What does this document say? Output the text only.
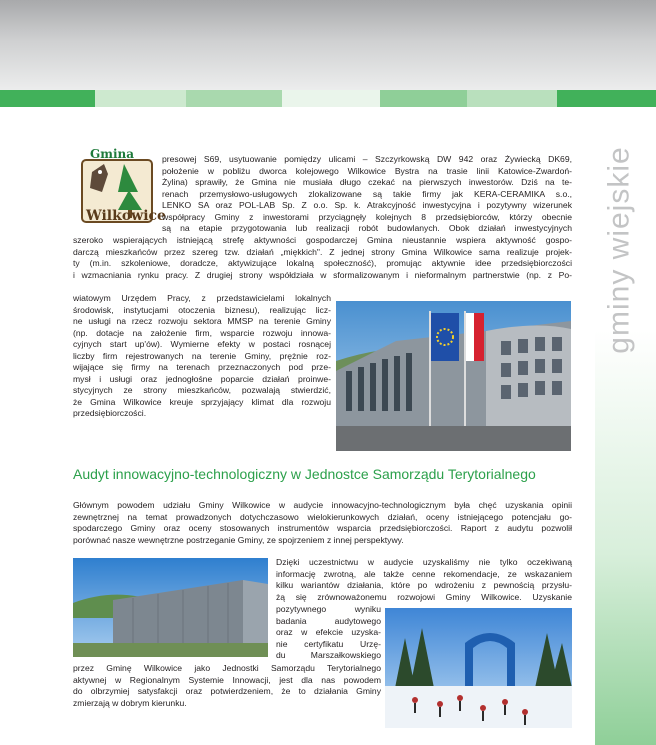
gminy wiejskie
Gmina
Wilkowice
presowej S69, usytuowanie pomiędzy ulicami – Szczyrkowską DW 942 oraz Żywiecką DK69,
położenie w pobliżu dworca kolejowego Wilkowice Bystra na trasie linii Katowice-Zwardoń-
Żylina) sprawiły, że Gmina nie musiała długo czekać na pierwszych inwestorów. Dziś na te-
renach przemysłowo-usługowych zlokalizowane są takie firmy jak KERA-CERAMIKA s.o.,
LENKO SA oraz POL-LAB Sp. Z o.o. Sp. k. Atrakcyjność inwestycyjna i pozytywny wizerunek
współpracy Gminy z inwestorami przyciągnęły kolejnych 8 przedsiębiorców, którzy obecnie
są na etapie przygotowania lub realizacji robót budowlanych. Obok działań inwestycyjnych
szeroko wspierających istniejącą strefę aktywności gospodarczej Gmina nieustannie wspiera aktywność gospo-
darczą mieszkańców przez szereg tzw. działań „miękkich". Z jednej strony Gmina Wilkowice sama realizuje projek-
ty (m.in. szkoleniowe, doradcze, aktywizujące lokalną społeczność), promując aktywnie idee przedsiębiorczości
i wzmacniania rynku pracy. Z drugiej strony współdziała w sformalizowanym i nieformalnym partnerstwie (np. z Po-
wiatowym Urzędem Pracy, z przedstawicielami lokalnych
środowisk, instytucjami otoczenia biznesu), realizując licz-
ne usługi na rzecz rozwoju sektora MMSP na terenie Gminy
(np. dotacje na założenie firm, wsparcie rozwoju innowa-
cyjnych start up'ów). Wymierne efekty w postaci rosnącej
liczby firm rejestrowanych na terenie Gminy, prężnie roz-
wijające się firmy na terenach przeznaczonych pod prze-
mysł i usługi oraz jednogłośne poparcie działań proinwe-
stycyjnych ze strony mieszkańców, pozwalają stwierdzić,
że Gmina Wilkowice kreuje sprzyjający klimat dla rozwoju
przedsiębiorczości.
Audyt innowacyjno-technologiczny w Jednostce Samorządu Terytorialnego
Głównym powodem udziału Gminy Wilkowice w audycie innowacyjno-technologicznym była chęć uzyskania opinii
zewnętrznej na temat prowadzonych dotychczasowo wielokierunkowych działań, oceny istniejącego potencjału go-
spodarczego Gminy oraz oceny stosowanych instrumentów wsparcia przedsiębiorczości. Raport z audytu pozwolił
porównać nasze wewnętrzne postrzeganie Gminy, ze spojrzeniem z innej perspektywy.
Dzięki uczestnictwu w audycie uzyskaliśmy nie tylko oczekiwaną
informację zwrotną, ale także cenne rekomendacje, ze wskazaniem
kilku wariantów działania, które po wdrożeniu z pewnością przysłu-
żą się zrównoważonemu rozwojowi Gminy Wilkowice. Uzyskanie
pozytywnego wyniku
badania audytowego
oraz w efekcie uzyska-
nie certyfikatu Urzę-
du Marszałkowskiego
przez Gminę Wilkowice jako Jednostki Samorządu Terytorialnego
aktywnej w Regionalnym Systemie Innowacji, jest dla nas powodem
do olbrzymiej satysfakcji oraz potwierdzeniem, że to działania Gminy
zmierzają w dobrym kierunku.
